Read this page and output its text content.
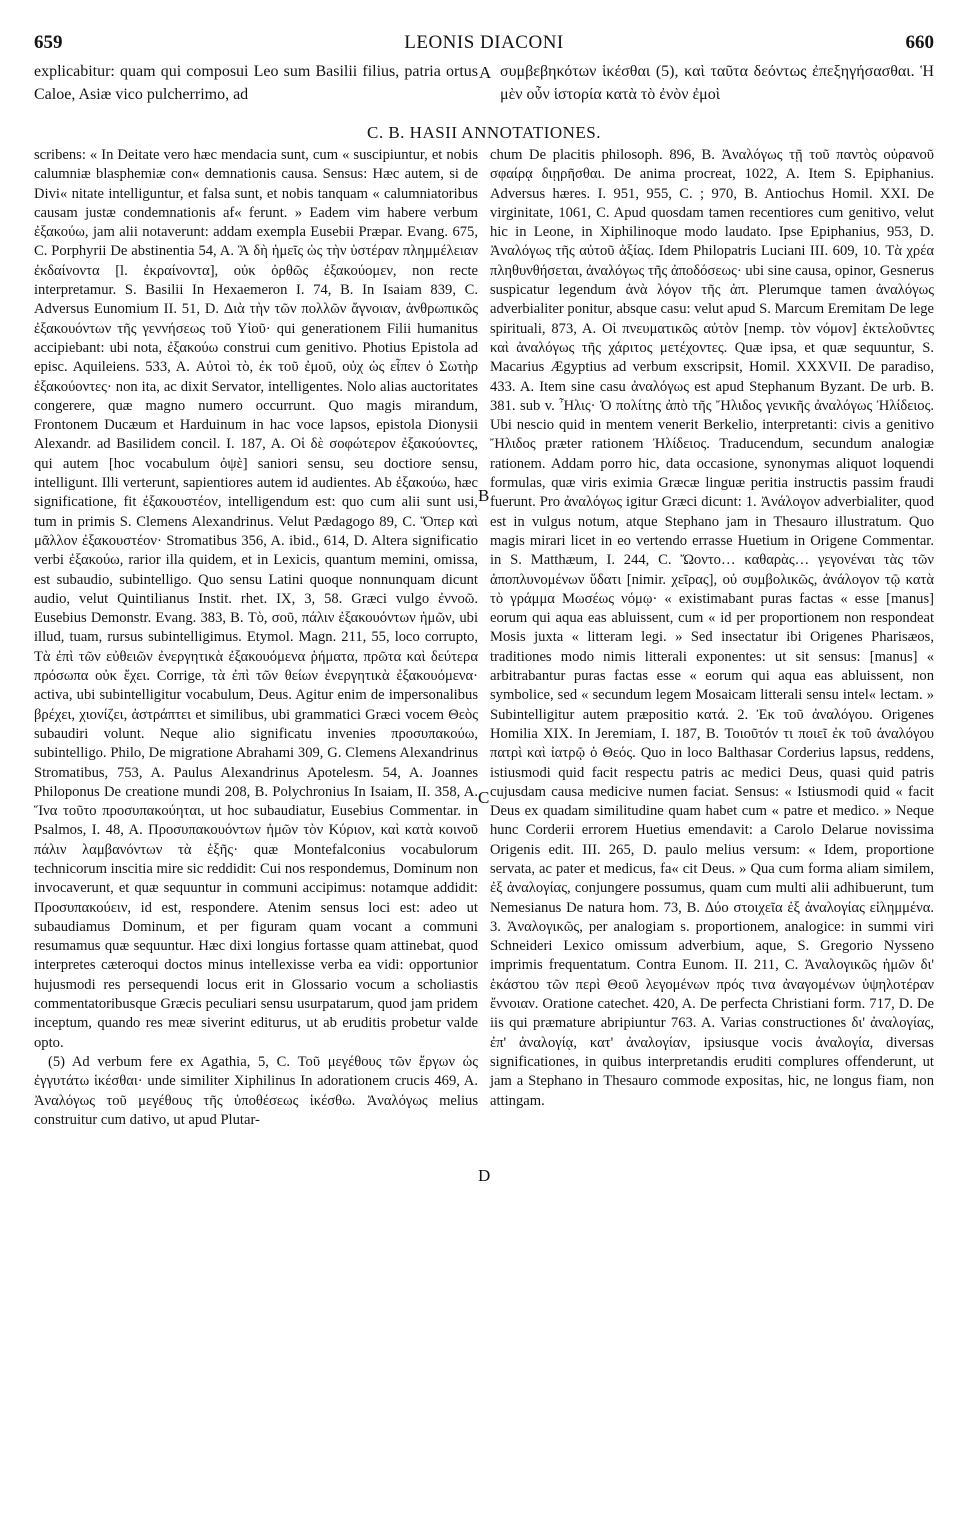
659	LEONIS DIACONI	660
explicabitur: quam qui composui Leo sum Basilii filius, patria ortus Caloe, Asiæ vico pulcherrimo, ad
A συμβεβηκότων ἱκέσθαι (5), καὶ ταῦτα δεόντως ἐπεξηγήσασθαι. Ἡ μὲν οὖν ἱστορία κατὰ τὸ ἐνὸν ἐμοὶ
C. B. HASII ANNOTATIONES.

scribens: « In Deitate vero hæc mendacia sunt, cum « suscipiuntur, et nobis calumniæ blasphemiæ con« demnationis causa. Sensus: Hæc autem, si de Divi« nitate intelliguntur, et falsa sunt, et nobis tanquam « calumniatoribus causam justæ condemnationis af« ferunt. » Eadem vim habere verbum ἐξακούω, jam alii notaverunt: addam exempla Eusebii Præpar. Evang. 675, C. Porphyrii De abstinentia 54, A. Ἃ δὴ ἡμεῖς ὡς τὴν ὑστέραν πλημμέλειαν ἐκδαίνοντα [l. ἐκραίνοντα], οὐκ ὀρθῶς ἐξακούομεν, non recte interpretamur. S. Basilii In Hexaemeron I. 74, B. In Isaiam 839, C. Adversus Eunomium II. 51, D. Διὰ τὴν τῶν πολλῶν ἄγνοιαν, ἀνθρωπικῶς ἐξακουόντων τῆς γεννήσεως τοῦ Υἱοῦ· qui generationem Filii humanitus accipiebant: ubi nota, ἐξακούω construi cum genitivo. Photius Epistola ad episc. Aquileiens. 533, A. Αὐτοὶ τὸ, ἐκ τοῦ ἐμοῦ, οὐχ ὡς εἶπεν ὁ Σωτὴρ ἐξακούοντες· non ita, ac dixit Servator, intelligentes. Nolo alias auctoritates congerere, quæ magno numero occurrunt. Quo magis mirandum, Frontonem Ducæum et Harduinum in hac voce lapsos, epistola Dionysii Alexandr. ad Basilidem concil. I. 187, A. Οἱ δὲ σοφώτερον ἐξακούοντες, qui autem [hoc vocabulum ὀψὲ] saniori sensu, seu doctiore sensu, intelligunt. Illi verterunt, sapientiores autem id audientes. Ab ἐξακούω, hæc significatione, fit ἐξακουστέον, intelligendum est: quo cum alii sunt usi, tum in primis S. Clemens Alexandrinus. Velut Pædagogo 89, C. Ὅπερ καὶ μᾶλλον ἐξακουστέον· Stromatibus 356, A. ibid., 614, D. Altera significatio verbi ἐξακούω, rarior illa quidem, et in Lexicis, quantum memini, omissa, est subaudio, subintelligo. Quo sensu Latini quoque nonnunquam dicunt audio, velut Quintilianus Instit. rhet. IX, 3, 58. Græci vulgo ἐννοῶ. Eusebius Demonstr. Evang. 383, B. Τὸ, σοῦ, πάλιν ἐξακουόντων ἡμῶν, ubi illud, tuam, rursus subintelligimus. Etymol. Magn. 211, 55, loco corrupto, Τὰ ἐπὶ τῶν εὐθειῶν ἐνεργητικὰ ἐξακουόμενα ῥήματα, πρῶτα καὶ δεύτερα πρόσωπα οὐκ ἔχει. Corrige, τὰ ἐπὶ τῶν θείων ἐνεργητικὰ ἐξακουόμενα· activa, ubi subintelligitur vocabulum, Deus. Agitur enim de impersonalibus βρέχει, χιονίζει, ἀστράπτει et similibus, ubi grammatici Græci vocem Θεὸς subaudiri volunt. Neque alio significatu invenies προσυπακούω, subintelligo. Philo, De migratione Abrahami 309, G. Clemens Alexandrinus Stromatibus, 753, A. Paulus Alexandrinus Apotelesm. 54, A. Joannes Philoponus De creatione mundi 208, B. Polychronius In Isaiam, II. 358, A. Ἵνα τοῦτο προσυπακούηται, ut hoc subaudiatur, Eusebius Commentar. in Psalmos, I. 48, A. Προσυπακουόντων ἡμῶν τὸν Κύριον, καὶ κατὰ κοινοῦ πάλιν λαμβανόντων τὰ ἑξῆς· quæ Montefalconius vocabulorum technicorum inscitia mire sic reddidit: Cui nos respondemus, Dominum non invocaverunt, et quæ sequuntur in communi accipimus: notamque addidit: Προσυπακούειν, id est, respondere. Atenim sensus loci est: adeo ut subaudiamus Dominum, et per figuram quam vocant a communi resumamus quæ sequuntur. Hæc dixi longius fortasse quam attinebat, quod interpretes cæteroqui doctos minus intellexisse verba ea vidi: opportunior hujusmodi res persequendi locus erit in Glossario vocum a scholiastis commentatoribusque Græcis peculiari sensu usurpatarum, quod jam pridem inceptum, quando res meæ siverint editurus, ut ab eruditis probetur valde opto.

(5) Ad verbum fere ex Agathia, 5, C. Τοῦ μεγέθους τῶν ἔργων ὡς ἐγγυτάτω ἱκέσθαι· unde similiter Xiphilinus In adorationem crucis 469, A. Ἀναλόγως τοῦ μεγέθους τῆς ὑποθέσεως ἱκέσθω. Ἀναλόγως melius construitur cum dativo, ut apud Plutar-

B
C
D

chum De placitis philosoph. 896, B. Ἀναλόγως τῇ τοῦ παντὸς οὐρανοῦ σφαίρᾳ διῃρῆσθαι. De anima procreat, 1022, A. Item S. Epiphanius. Adversus hæres. I. 951, 955, C. ; 970, B. Antiochus Homil. XXI. De virginitate, 1061, C. Apud quosdam tamen recentiores cum genitivo, velut hic in Leone, in Xiphilinoque modo laudato. Ipse Epiphanius, 953, D. Ἀναλόγως τῆς αὐτοῦ ἀξίας. Idem Philopatris Luciani III. 609, 10. Τὰ χρέα πληθυνθήσεται, ἀναλόγως τῆς ἀποδόσεως· ubi sine causa, opinor, Gesnerus suspicatur legendum ἀνὰ λόγον τῆς ἀπ. Plerumque tamen ἀναλόγως adverbialiter ponitur, absque casu: velut apud S. Marcum Eremitam De lege spirituali, 873, A. Οἱ πνευματικῶς αὐτὸν [nemp. τὸν νόμον] ἐκτελοῦντες καὶ ἀναλόγως τῆς χάριτος μετέχοντες. Quæ ipsa, et quæ sequuntur, S. Macarius Ægyptius ad verbum exscripsit, Homil. XXXVII. De paradiso, 433. A. Item sine casu ἀναλόγως est apud Stephanum Byzant. De urb. B. 381. sub v. Ἦλις· Ὁ πολίτης ἀπὸ τῆς Ἤλιδος γενικῆς ἀναλόγως Ἠλίδειος. Ubi nescio quid in mentem venerit Berkelio, interpretanti: civis a genitivo Ἤλιδος præter rationem Ἠλίδειος. Traducendum, secundum analogiæ rationem. Addam porro hic, data occasione, synonymas aliquot loquendi formulas, quæ viris eximia Græcæ linguæ peritia instructis passim fraudi fuerunt. Pro ἀναλόγως igitur Græci dicunt: 1. Ἀνάλογον adverbialiter, quod est in vulgus notum, atque Stephano jam in Thesauro illustratum. Quo magis mirari licet in eo vertendo errasse Huetium in Origene Commentar. in S. Matthæum, I. 244, C. Ὤοντο… καθαρὰς… γεγονέναι τὰς τῶν ἀποπλυνομένων ὕδατι [nimir. χεῖρας], οὐ συμβολικῶς, ἀνάλογον τῷ κατὰ τὸ γράμμα Μωσέως νόμῳ· « existimabant puras factas « esse [manus] eorum qui aqua eas abluissent, cum « id per proportionem non respondeat Mosis juxta « litteram legi. » Sed insectatur ibi Origenes Pharisæos, traditiones modo nimis litterali exponentes: ut sit sensus: [manus] « arbitrabantur puras factas esse « eorum qui aqua eas abluissent, non symbolice, sed « secundum legem Mosaicam litterali sensu intel« lectam. » Subintelligitur autem præpositio κατά. 2. Ἐκ τοῦ ἀναλόγου. Origenes Homilia XIX. In Jeremiam, I. 187, B. Τοιοῦτόν τι ποιεῖ ἐκ τοῦ ἀναλόγου πατρὶ καὶ ἰατρῷ ὁ Θεός. Quo in loco Balthasar Corderius lapsus, reddens, istiusmodi quid facit respectu patris ac medici Deus, quasi quid patris cujusdam causa medicive numen faciat. Sensus: « Istiusmodi quid « facit Deus ex quadam similitudine quam habet cum « patre et medico. » Neque hunc Corderii errorem Huetius emendavit: a Carolo Delarue novissima Origenis edit. III. 265, D. paulo melius versum: « Idem, proportione servata, ac pater et medicus, fa« cit Deus. » Qua cum forma aliam similem, ἐξ ἀναλογίας, conjungere possumus, quam cum multi alii adhibuerunt, tum Nemesianus De natura hom. 73, B. Δύο στοιχεῖα ἐξ ἀναλογίας εἰλημμένα. 3. Ἀναλογικῶς, per analogiam s. proportionem, analogice: in summi viri Schneideri Lexico omissum adverbium, aque, S. Gregorio Nysseno imprimis frequentatum. Contra Eunom. II. 211, C. Ἀναλογικῶς ἡμῶν δι' ἑκάστου τῶν περὶ Θεοῦ λεγομένων πρός τινα ἀναγομένων ὑψηλοτέραν ἔννοιαν. Oratione catechet. 420, A. De perfecta Christiani form. 717, D. De iis qui præmature abripiuntur 763. A. Varias constructiones δι' ἀναλογίας, ἐπ' ἀναλογίᾳ, κατ' ἀναλογίαν, ipsiusque vocis ἀναλογία, diversas significationes, in quibus interpretandis eruditi complures offenderunt, ut jam a Stephano in Thesauro commode expositas, hic, ne longus fiam, non attingam.
